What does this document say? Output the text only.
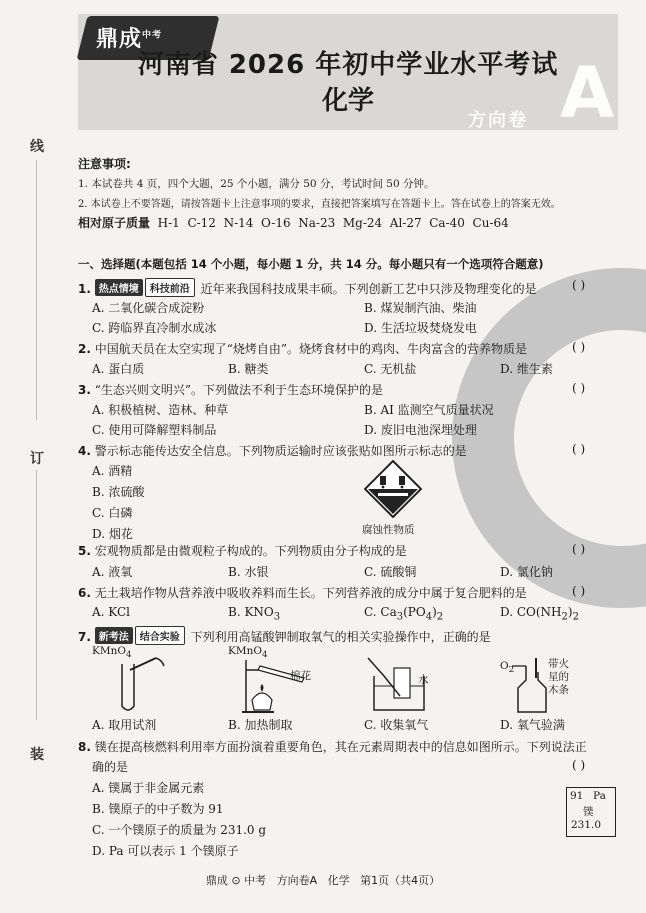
鼎成$^{中考}$
河南省 2026 年初中学业水平考试
化学	A
方向卷
线
订
装
注意事项:
1. 本试卷共 4 页，四个大题，25 个小题，满分 50 分，考试时间 50 分钟。
2. 本试卷上不要答题，请按答题卡上注意事项的要求，直接把答案填写在答题卡上。答在试卷上的答案无效。
相对原子质量 H-1  C-12  N-14  O-16  Na-23  Mg-24  Al-27  Ca-40  Cu-64
一、选择题(本题包括 14 个小题，每小题 1 分，共 14 分。每小题只有一个选项符合题意)
1. 热点情境 科技前沿 近年来我国科技成果丰硕。下列创新工艺中只涉及物理变化的是	( )
A. 二氧化碳合成淀粉	B. 煤炭制汽油、柴油
C. 跨临界直冷制水成冰	D. 生活垃圾焚烧发电
2. 中国航天员在太空实现了“烧烤自由”。烧烤食材中的鸡肉、牛肉富含的营养物质是	( )
A. 蛋白质	B. 糖类	C. 无机盐	D. 维生素
3. “生态兴则文明兴”。下列做法不利于生态环境保护的是	( )
A. 积极植树、造林、种草	B. AI 监测空气质量状况
C. 使用可降解塑料制品	D. 废旧电池深埋处理
4. 警示标志能传达安全信息。下列物质运输时应该张贴如图所示标志的是	( )
A. 酒精
B. 浓硫酸
C. 白磷
D. 烟花	腐蚀性物质
5. 宏观物质都是由微观粒子构成的。下列物质由分子构成的是	( )
A. 液氧	B. 水银	C. 硫酸铜	D. 氯化钠
6. 无土栽培作物从营养液中吸收养料而生长。下列营养液的成分中属于复合肥料的是	( )
A. KCl	B. $KNO_3$	C. $Ca_3(PO_4)_2$	D. $CO(NH_2)_2$
7. 新考法 结合实验 下列利用高锰酸钾制取氧气的相关实验操作中，正确的是
KMnO$_4$	KMnO$_4$
棉花	水
$O_2$
带火
星的
木条
A. 取用试剂	B. 加热制取	C. 收集氧气	D. 氧气验满
8. 镤在提高核燃料利用率方面扮演着重要角色，其在元素周期表中的信息如图所示。下列说法正
确的是	( )
A. 镤属于非金属元素
B. 镤原子的中子数为 91
C. 一个镤原子的质量为 231.0 g
D. Pa 可以表示 1 个镤原子
91 Pa
镤
231.0
鼎成 ⊙ 中考   方向卷A   化学   第1页（共4页）
